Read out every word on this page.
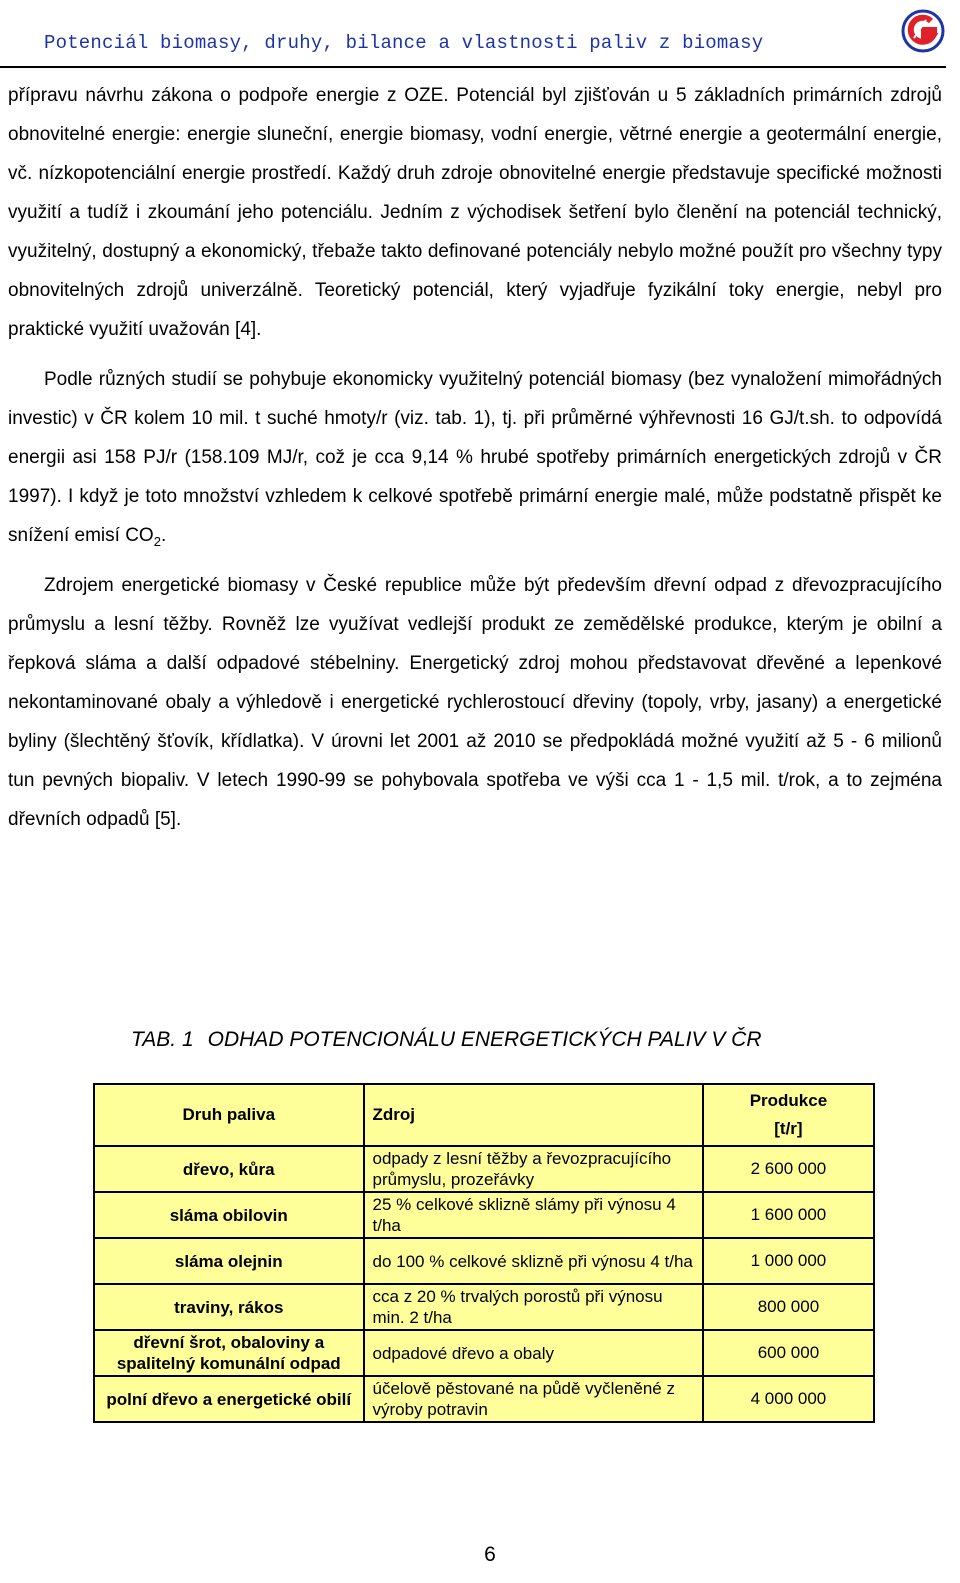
Potenciál biomasy, druhy, bilance a vlastnosti paliv z biomasy

přípravu návrhu zákona o podpoře energie z OZE. Potenciál byl zjišťován u 5 základních primárních zdrojů obnovitelné energie: energie sluneční, energie biomasy, vodní energie, větrné energie a geotermální energie, vč. nízkopotenciální energie prostředí. Každý druh zdroje obnovitelné energie představuje specifické možnosti využití a tudíž i zkoumání jeho potenciálu. Jedním z východisek šetření bylo členění na potenciál technický, využitelný, dostupný a ekonomický, třebaže takto definované potenciály nebylo možné použít pro všechny typy obnovitelných zdrojů univerzálně. Teoretický potenciál, který vyjadřuje fyzikální toky energie, nebyl pro praktické využití uvažován [4].

Podle různých studií se pohybuje ekonomicky využitelný potenciál biomasy (bez vynaložení mimořádných investic) v ČR kolem 10 mil. t suché hmoty/r (viz. tab. 1), tj. při průměrné výhřevnosti 16 GJ/t.sh. to odpovídá energii asi 158 PJ/r (158.109 MJ/r, což je cca 9,14 % hrubé spotřeby primárních energetických zdrojů v ČR 1997). I když je toto množství vzhledem k celkové spotřebě primární energie malé, může podstatně přispět ke snížení emisí $CO_2$.

Zdrojem energetické biomasy v České republice může být především dřevní odpad z dřevozpracujícího průmyslu a lesní těžby. Rovněž lze využívat vedlejší produkt ze zemědělské produkce, kterým je obilní a řepková sláma a další odpadové stébelniny. Energetický zdroj mohou představovat dřevěné a lepenkové nekontaminované obaly a výhledově i energetické rychlerostoucí dřeviny (topoly, vrby, jasany) a energetické byliny (šlechtěný šťovík, křídlatka). V úrovni let 2001 až 2010 se předpokládá možné využití až 5 - 6 milionů tun pevných biopaliv. V letech 1990-99 se pohybovala spotřeba ve výši cca 1 - 1,5 mil. t/rok, a to zejména dřevních odpadů [5].

TAB. 1 ODHAD POTENCIONÁLU ENERGETICKÝCH PALIV V ČR
Druh paliva	Zdroj	Produkce
[t/r]

dřevo, kůra	odpady z lesní těžby a řevozpracujícího průmyslu, prozeřávky	2 600 000
sláma obilovin	25 % celkové sklizně slámy při výnosu 4 t/ha	1 600 000
sláma olejnin	do 100 % celkové sklizně při výnosu 4 t/ha	1 000 000
traviny, rákos	cca z 20 % trvalých porostů při výnosu min. 2 t/ha	800 000
dřevní šrot, obaloviny a spalitelný komunální odpad	odpadové dřevo a obaly	600 000
polní dřevo a energetické obilí	účelově pěstované na půdě vyčleněné z výroby potravin	4 000 000
6
